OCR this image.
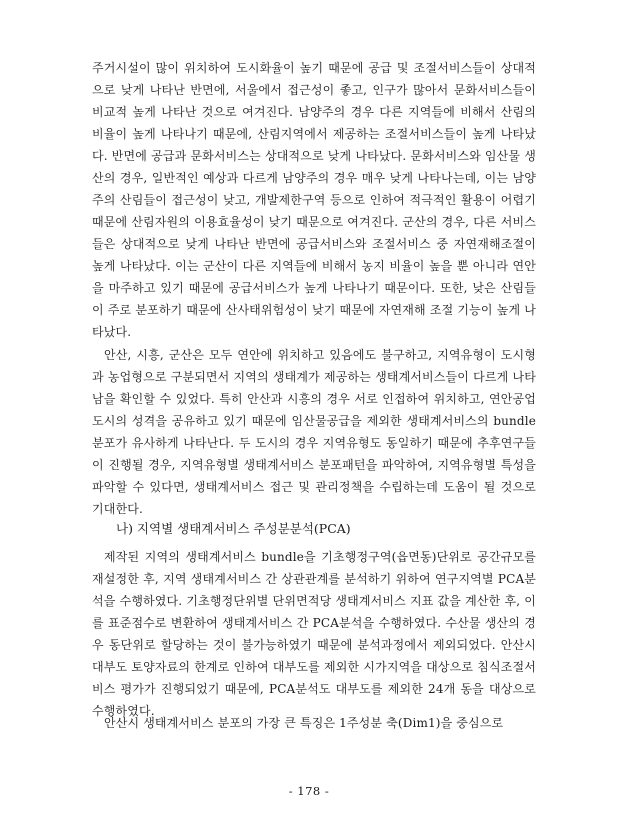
주거시설이 많이 위치하여 도시화율이 높기 때문에 공급 및 조절서비스들이 상대적으로 낮게 나타난 반면에, 서울에서 접근성이 좋고, 인구가 많아서 문화서비스들이 비교적 높게 나타난 것으로 여겨진다. 남양주의 경우 다른 지역들에 비해서 산림의 비율이 높게 나타나기 때문에, 산림지역에서 제공하는 조절서비스들이 높게 나타났다. 반면에 공급과 문화서비스는 상대적으로 낮게 나타났다. 문화서비스와 임산물 생산의 경우, 일반적인 예상과 다르게 남양주의 경우 매우 낮게 나타나는데, 이는 남양주의 산림들이 접근성이 낮고, 개발제한구역 등으로 인하여 적극적인 활용이 어렵기 때문에 산림자원의 이용효율성이 낮기 때문으로 여겨진다. 군산의 경우, 다른 서비스들은 상대적으로 낮게 나타난 반면에 공급서비스와 조절서비스 중 자연재해조절이 높게 나타났다. 이는 군산이 다른 지역들에 비해서 농지 비율이 높을 뿐 아니라 연안을 마주하고 있기 때문에 공급서비스가 높게 나타나기 때문이다. 또한, 낮은 산림들이 주로 분포하기 때문에 산사태위험성이 낮기 때문에 자연재해 조절 기능이 높게 나타났다.

안산, 시흥, 군산은 모두 연안에 위치하고 있음에도 불구하고, 지역유형이 도시형과 농업형으로 구분되면서 지역의 생태계가 제공하는 생태계서비스들이 다르게 나타남을 확인할 수 있었다. 특히 안산과 시흥의 경우 서로 인접하여 위치하고, 연안공업도시의 성격을 공유하고 있기 때문에 임산물공급을 제외한 생태계서비스의 bundle 분포가 유사하게 나타난다. 두 도시의 경우 지역유형도 동일하기 때문에 추후연구들이 진행될 경우, 지역유형별 생태계서비스 분포패턴을 파악하여, 지역유형별 특성을 파악할 수 있다면, 생태계서비스 접근 및 관리정책을 수립하는데 도움이 될 것으로 기대한다.

나) 지역별 생태계서비스 주성분분석(PCA)

제작된 지역의 생태계서비스 bundle을 기초행정구역(읍면동)단위로 공간규모를 재설정한 후, 지역 생태계서비스 간 상관관계를 분석하기 위하여 연구지역별 PCA분석을 수행하였다. 기초행정단위별 단위면적당 생태계서비스 지표 값을 계산한 후, 이를 표준점수로 변환하여 생태계서비스 간 PCA분석을 수행하였다. 수산물 생산의 경우 동단위로 할당하는 것이 불가능하였기 때문에 분석과정에서 제외되었다. 안산시 대부도 토양자료의 한계로 인하여 대부도를 제외한 시가지역을 대상으로 침식조절서비스 평가가 진행되었기 때문에, PCA분석도 대부도를 제외한 24개 동을 대상으로 수행하였다.

안산시 생태계서비스 분포의 가장 큰 특징은 1주성분 축(Dim1)을 중심으로

- 178 -
